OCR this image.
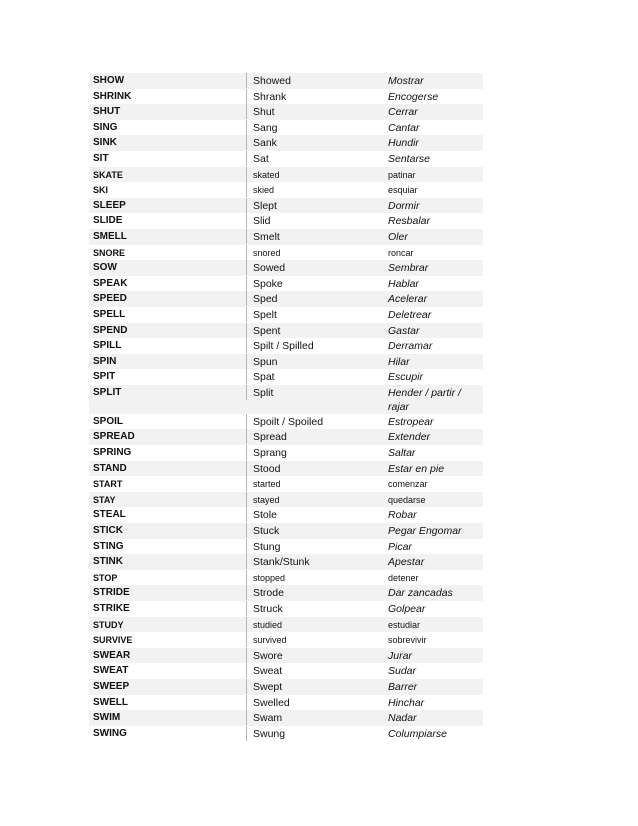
SHOW	Showed	Mostrar
SHRINK	Shrank	Encogerse
SHUT	Shut	Cerrar
SING	Sang	Cantar
SINK	Sank	Hundir
SIT	Sat	Sentarse
SKATE	skated	patinar
SKI	skied	esquiar
SLEEP	Slept	Dormir
SLIDE	Slid	Resbalar
SMELL	Smelt	Oler
SNORE	snored	roncar
SOW	Sowed	Sembrar
SPEAK	Spoke	Hablar
SPEED	Sped	Acelerar
SPELL	Spelt	Deletrear
SPEND	Spent	Gastar
SPILL	Spilt / Spilled	Derramar
SPIN	Spun	Hilar
SPIT	Spat	Escupir
SPLIT	Split	Hender / partir / rajar
SPOIL	Spoilt / Spoiled	Estropear
SPREAD	Spread	Extender
SPRING	Sprang	Saltar
STAND	Stood	Estar en pie
START	started	comenzar
STAY	stayed	quedarse
STEAL	Stole	Robar
STICK	Stuck	Pegar Engomar
STING	Stung	Picar
STINK	Stank/Stunk	Apestar
STOP	stopped	detener
STRIDE	Strode	Dar zancadas
STRIKE	Struck	Golpear
STUDY	studied	estudiar
SURVIVE	survived	sobrevivir
SWEAR	Swore	Jurar
SWEAT	Sweat	Sudar
SWEEP	Swept	Barrer
SWELL	Swelled	Hinchar
SWIM	Swam	Nadar
SWING	Swung	Columpiarse
